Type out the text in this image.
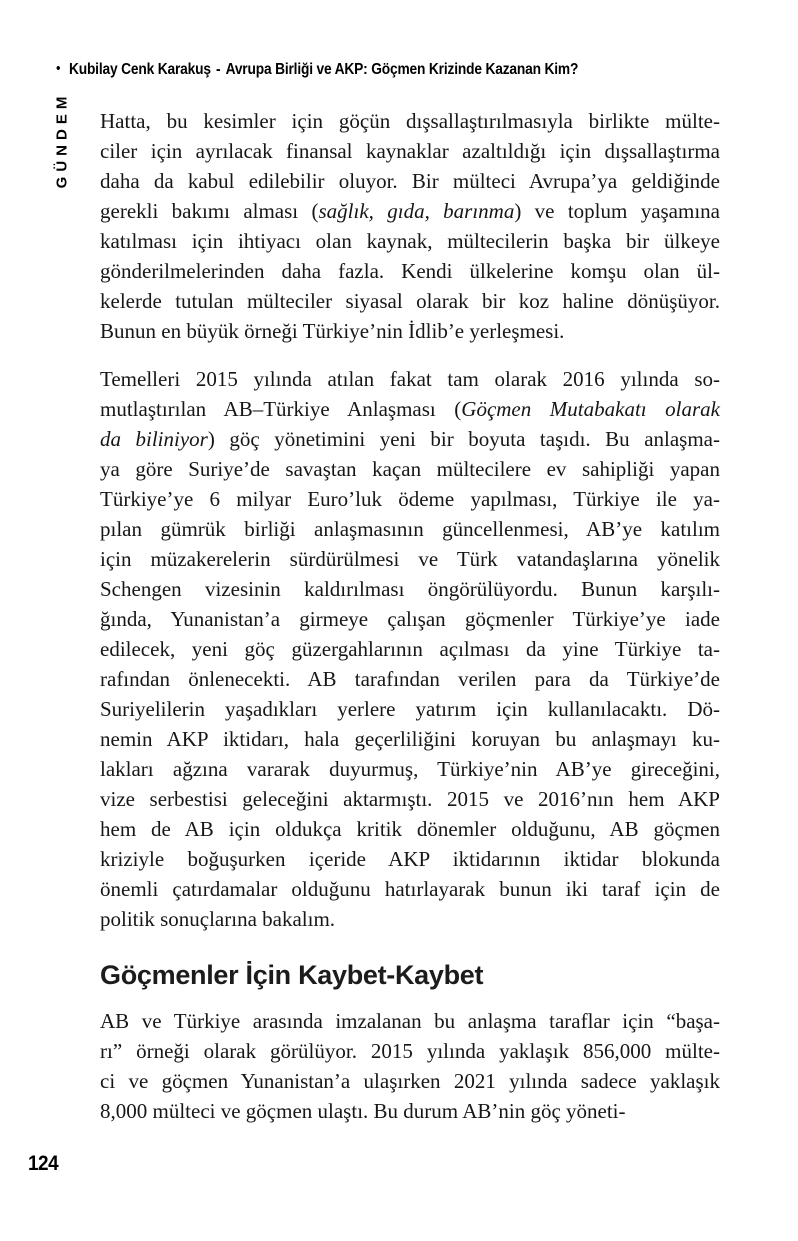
• Kubilay Cenk Karakuş - Avrupa Birliği ve AKP: Göçmen Krizinde Kazanan Kim?
GÜNDEM Hatta, bu kesimler için göçün dışsallaştırılmasıyla birlikte mülte-
ciler için ayrılacak finansal kaynaklar azaltıldığı için dışsallaştırma
daha da kabul edilebilir oluyor. Bir mülteci Avrupa’ya geldiğinde
gerekli bakımı alması (sağlık, gıda, barınma) ve toplum yaşamına
katılması için ihtiyacı olan kaynak, mültecilerin başka bir ülkeye
gönderilmelerinden daha fazla. Kendi ülkelerine komşu olan ül-
kelerde tutulan mülteciler siyasal olarak bir koz haline dönüşüyor.
Bunun en büyük örneği Türkiye’nin İdlib’e yerleşmesi.
Temelleri 2015 yılında atılan fakat tam olarak 2016 yılında so-
mutlaştırılan AB–Türkiye Anlaşması (Göçmen Mutabakatı olarak
da biliniyor) göç yönetimini yeni bir boyuta taşıdı. Bu anlaşma-
ya göre Suriye’de savaştan kaçan mültecilere ev sahipliği yapan
Türkiye’ye 6 milyar Euro’luk ödeme yapılması, Türkiye ile ya-
pılan gümrük birliği anlaşmasının güncellenmesi, AB’ye katılım
için müzakerelerin sürdürülmesi ve Türk vatandaşlarına yönelik
Schengen vizesinin kaldırılması öngörülüyordu. Bunun karşılı-
ğında, Yunanistan’a girmeye çalışan göçmenler Türkiye’ye iade
edilecek, yeni göç güzergahlarının açılması da yine Türkiye ta-
rafından önlenecekti. AB tarafından verilen para da Türkiye’de
Suriyelilerin yaşadıkları yerlere yatırım için kullanılacaktı. Dö-
nemin AKP iktidarı, hala geçerliliğini koruyan bu anlaşmayı ku-
lakları ağzına vararak duyurmuş, Türkiye’nin AB’ye gireceğini,
vize serbestisi geleceğini aktarmıştı. 2015 ve 2016’nın hem AKP
hem de AB için oldukça kritik dönemler olduğunu, AB göçmen
kriziyle boğuşurken içeride AKP iktidarının iktidar blokunda
önemli çatırdamalar olduğunu hatırlayarak bunun iki taraf için de
politik sonuçlarına bakalım.
Göçmenler İçin Kaybet-Kaybet
AB ve Türkiye arasında imzalanan bu anlaşma taraflar için “başa-
rı” örneği olarak görülüyor. 2015 yılında yaklaşık 856,000 mülte-
ci ve göçmen Yunanistan’a ulaşırken 2021 yılında sadece yaklaşık
8,000 mülteci ve göçmen ulaştı. Bu durum AB’nin göç yöneti-
124
